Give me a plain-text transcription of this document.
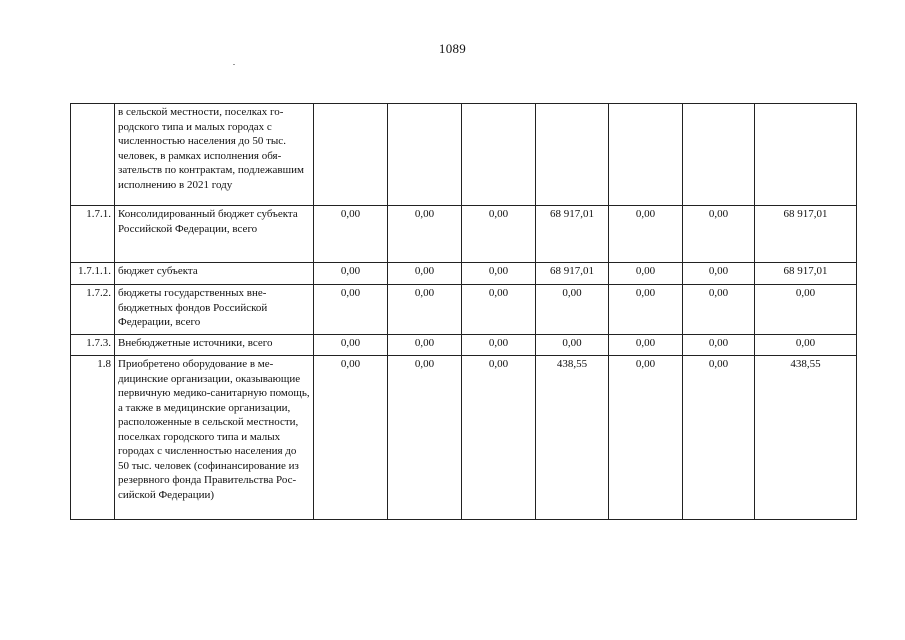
1089
	в сельской местности, поселках городского типа и малых городах с численностью населения до 50 тыс. человек, в рамках исполнения обязательств по контрактам, подлежавшим исполнению в 2021 году	

1.7.1.	Консолидированный бюджет субъекта Российской Федерации, всего	0,00	0,00	0,00	68 917,01	0,00	0,00	68 917,01

1.7.1.1.	бюджет субъекта	0,00	0,00	0,00	68 917,01	0,00	0,00	68 917,01

1.7.2.	бюджеты государственных внебюджетных фондов Российской Федерации, всего	0,00	0,00	0,00	0,00	0,00	0,00	0,00

1.7.3.	Внебюджетные источники, всего	0,00	0,00	0,00	0,00	0,00	0,00	0,00

1.8	Приобретено оборудование в медицинские организации, оказывающие первичную медико-санитарную помощь, а также в медицинские организации, расположенные в сельской местности, поселках городского типа и малых городах с численностью населения до 50 тыс. человек (софинансирование из резервного фонда Правительства Российской Федерации)	0,00	0,00	0,00	438,55	0,00	0,00	438,55
